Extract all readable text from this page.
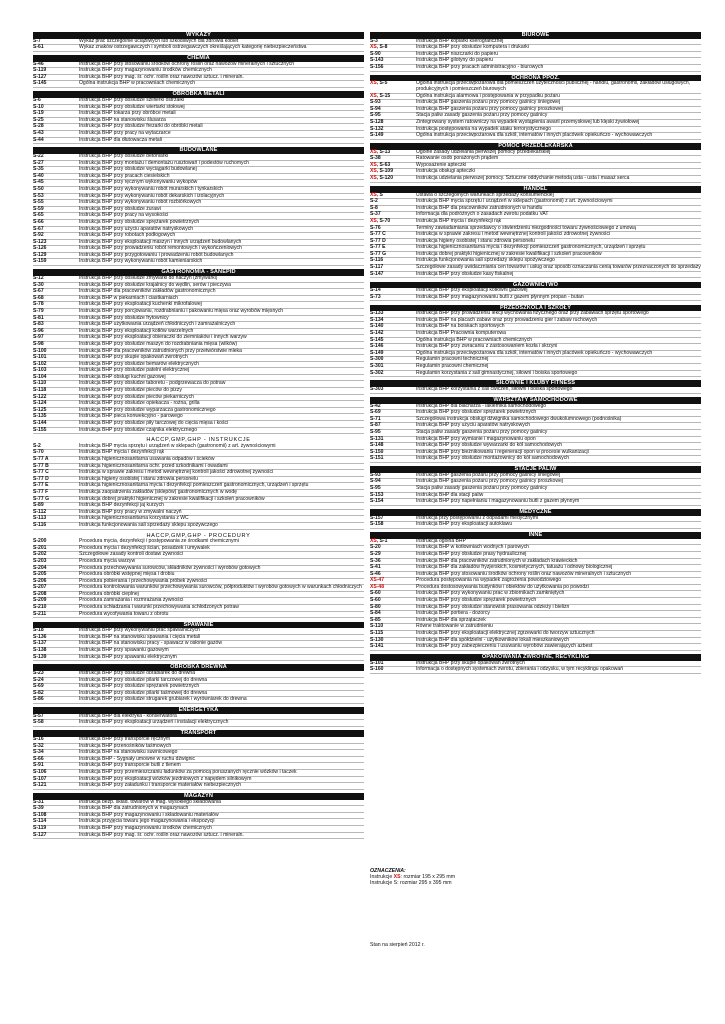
WYKAZY
S-7	Wykaz prac szczególnie uciążliwych lub szkodliwych dla zdrowia kobiet
S-61	Wykaz znaków ostrzegawczych i symboli ostrzegawczych określających kategorię niebezpieczeństwa
CHEMIA
S-46	Instrukcja BHP przy stosowaniu środków ochrony roślin oraz nawozów mineralnych i sztucznych
S-119	Instrukcja BHP przy magazynowaniu środków chemicznych
S-127	Instrukcja BHP przy mag. śr. ochr. roślin oraz nawozów sztucz. i mineraln.
S-145	Ogólna instrukcja BHP w pracowniach chemicznych
OBRÓBKA METALI
S-6	Instrukcja BHP przy obsłudze szlifierki ostrzałki
S-10	Instrukcja BHP przy obsłudze wiertarki stołowej
S-19	Instrukcja BHP tokarza przy obróbce metali
S-25	Instrukcja BHP na stanowisku ślusarza
S-28	Instrukcja BHP przy obsłudze frezarki do obróbki metali
S-43	Instrukcja BHP przy pracy na wytaczarce
S-44	Instrukcja BHP dla dłutowacza metali
BUDOWLANE
S-22	Instrukcja BHP przy obsłudze betoniarki
S-27	Instrukcja BHP przy montażu i demontażu rusztowań i podestów ruchomych
S-35	Instrukcja BHP przy obsłudze wyciągarki budowlanej
S-40	Instrukcja BHP przy pracach ciesielskich
S-45	Instrukcja BHP przy ręcznym wykonywaniu wykopów
S-50	Instrukcja BHP przy wykonywaniu robót murarskich i tynkarskich
S-53	Instrukcja BHP przy wykonywaniu robót dekarskich i izolacyjnych
S-55	Instrukcja BHP przy wykonywaniu robót rozbiórkowych
S-59	Instrukcja BHP przy obsłudze żurawi
S-65	Instrukcja BHP przy pracy na wysokości
S-66	Instrukcja BHP przy obsłudze sprężarek powietrznych
S-67	Instrukcja BHP przy użyciu aparatów natryskowych
S-92	Instrukcja BHP przy robotach podłogowych
S-123	Instrukcja BHP przy eksploatacji maszyn i innych urządzeń budowlanych
S-126	Instrukcja BHP przy prowadzeniu robót remontowych i wykończeniowych
S-129	Instrukcja BHP przy przygotowaniu i prowadzeniu robót budowlanych
S-159	Instrukcja BHP przy wykonywaniu robót kamieniarskich
GASTRONOMIA - SANEPID
S-12	Instrukcja BHP przy obsłudze zmywarki do naczyń (zmywarki)
S-30	Instrukcja BHP przy obsłudze krajalnicy do wędlin, serów i pieczywa
S-67	Instrukcja BHP dla pracowników zakładów gastronomicznych
S-68	Instrukcja BHP w piekarniach i ciastkarniach
S-78	Instrukcja BHP przy eksploatacji kuchenki mikrofalowej
S-79	Instrukcja BHP przy porcjowaniu, rozdrabnianiu i pakowaniu mięsa oraz wyrobów mięsnych
S-81	Instrukcja BHP przy obsłudze frytownicy
S-83	Instrukcja BHP użytkowania urządzeń chłodniczych i zamrażalniczych
S-96	Instrukcja BHP przy eksploatacji kotłów warzelnych
S-97	Instrukcja BHP przy eksploatacji obieraczki do ziemniaków i innych warzyw
S-98	Instrukcja BHP przy obsłudze maszyn do rozdrabniania mięsa (wilków)
S-100	Instrukcja BHP dla pracowników zatrudnionych przy przetwórstwie mleka
S-101	Instrukcja BHP przy skupie opakowań zwrotnych
S-102	Instrukcja BHP przy obsłudze bemarów elektrycznych
S-103	Instrukcja BHP przy obsłudze patelni elektrycznej
S-104	Instrukcja BHP obsługi kuchni gazowej
S-110	Instrukcja BHP przy obsłudze taboretu - podgrzewacza do potraw
S-118	Instrukcja BHP przy obsłudze pieców do pizzy
S-122	Instrukcja BHP przy obsłudze pieców piekarniczych
S-124	Instrukcja BHP przy obsłudze opiekacza - rożna, grilla
S-125	Instrukcja BHP przy obsłudze wyparzacza gastronomicznego
S-135	Instrukcja BHP pieca konwekcyjno - parowego
S-144	Instrukcja BHP przy obsłudze piły tarczowej do cięcia mięsa i kości
S-155	Instrukcja BHP przy obsłudze czajnika elektrycznego
HACCP,GMP,GHP - INSTRUKCJE
S-2	Instrukcja BHP mycia sprzętu i urządzeń w sklepach (gastronomii) z art. żywnościowymi
S-70	Instrukcja BHP mycia i dezynfekcji rąk
S-77 A	Instrukcja higienicznosanitarna usuwania odpadów i ścieków
S-77 B	Instrukcja higienicznosanitarna ochr. przed szkodnikami i owadami
S-77 C	Instrukcja w sprawie zakresu i metod wewnętrznej kontroli jakości zdrowotnej żywności
S-77 D	Instrukcja higieny osobistej i stanu zdrowia personelu
S-77 E	Instrukcja higienicznosanitarna mycia i dezynfekcji pomieszczeń gastronomicznych, urządzeń i sprzętu
S-77 F	Instrukcja zaopatrzenia zakładów (sklepów) gastronomicznych w wodę
S-77 G	Instrukcja dobrej praktyki higienicznej w zakresie kwalifikacji i szkoleń pracowników
S-89	Instrukcja BHP dezynfekcji jaj kurzych
S-112	Instrukcja BHP przy pracy w zmywalni naczyń
S-113	Instrukcja higienicznosanitarna korzystania z WC
S-116	Instrukcja funkcjonowania sali sprzedaży sklepu spożywczego
HACCP,GMP,GHP - PROCEDURY
S-200	Procedura mycia, dezynfekcji i postępowania ze środkami chemicznymi
S-201	Procedura mycia i dezynfekcji ścian, posadzek i umywalek
S-202	Szczegółowe zasady kontroli dostaw żywności
S-203	Procedura mycia warzyw
S-204	Procedura przechowywania surowców, składników żywności i wyrobów gotowych
S-205	Procedura obróbki wstępnej mięsa i drobiu
S-206	Procedura pobierania i przechowywania próbek żywności
S-207	Procedura kontrolowania warunków przechowywania surowców, półproduktów i wyrobów gotowych w warunkach chłodniczych
S-208	Procedura obróbki cieplnej
S-209	Procedura zamrażania i rozmrażania żywności
S-210	Procedura schładzania i warunki przechowywania schłodzonych potraw
S-211	Procedura wycofywania towaru z obrotu
SPAWANIE
S-18	Instrukcja BHP przy wykonywaniu prac spawalniczych
S-136	Instrukcja BHP na stanowisku spawania i cięcia metali
S-137	Instrukcja BHP na stanowisku pracy - spawacz w osłonie gazów
S-138	Instrukcja BHP przy spawaniu gazowym
S-139	Instrukcja BHP przy spawaniu elektrycznym
OBRÓBKA DREWNA
S-23	Instrukcja BHP przy obsłudze obrabiarek do drewna
S-24	Instrukcja BHP przy obsłudze pilarki tarczowej do drewna
S-69	Instrukcja BHP przy obsłudze sprężarek powietrznych
S-82	Instrukcja BHP przy obsłudze pilarki taśmowej do drewna
S-86	Instrukcja BHP przy obsłudze strugarek grubiarek i wyrówniarek do drewna
ENERGETYKA
S-57	Instrukcja BHP dla elektryka - konserwatora
S-58	Instrukcja BHP przy eksploatacji urządzeń i instalacji elektrycznych
TRANSPORT
S-16	Instrukcja BHP przy transporcie ręcznym
S-32	Instrukcja BHP przenośników taśmowych
S-34	Instrukcja BHP na stanowisku suwnicowego
S-66	Instrukcja BHP - Sygnały umowne w ruchu dźwignic
S-91	Instrukcja BHP przy transporcie butli z tlenem
S-106	Instrukcja BHP przy przemieszczaniu ładunków za pomocą poruszanych ręcznie wózków i taczek
S-107	Instrukcja BHP przy eksploatacji wózków jezdniowych z napędem silnikowym
S-121	Instrukcja BHP przy załadunku i transporcie materiałów niebezpiecznych
MAGAZYN
S-31	Instrukcja bezp. skład. towarów w mag. wysokiego składowania
S-39	Instrukcja BHP dla zatrudnionych w magazynach
S-108	Instrukcja BHP przy magazynowaniu i składowaniu materiałów
S-114	Instrukcja przyjęcia towaru jego magazynowania i ekspozycji
S-119	Instrukcja BHP przy magazynowaniu środków chemicznych
S-127	Instrukcja BHP przy mag. śr. ochr. roślin oraz nawozów sztucz. i mineraln.
BIUROWE
S-3	Instrukcja BHP kopiarki kserograficznej
XS, S-8	Instrukcja BHP przy obsłudze komputera i drukarki
S-90	Instrukcja BHP niszczarki do papieru
S-143	Instrukcja BHP gilotyny do papieru
S-156	Instrukcja BHP przy pracach administracyjno - biurowych
OCHRONA PPOŻ.
XS, S-5	Ogólna instrukcja przeciwpożarowa dla pomieszczeń użyteczności publicznej - handlu, gastronomii, zakładów usługowych, produkcyjnych i pomieszczeń biurowych
XS, S-15	Ogólna instrukcja alarmowa i postępowania w przypadku pożaru
S-93	Instrukcja BHP gaszenia pożaru przy pomocy gaśnicy śniegowej
S-94	Instrukcja BHP gaszenia pożaru przy pomocy gaśnicy proszkowej
S-95	Stacja paliw zasady gaszenia pożaru przy pomocy gaśnicy
S-128	Zintegrowany system ratowniczy na wypadek wystąpienia awarii przemysłowej lub klęski żywiołowej
S-132	Instrukcja postępowania na wypadek ataku terrorystycznego
S-149	Ogólna instrukcja przeciwpożarowa dla szkół, internatów i innych placówek opiekuńczo - wychowawczych
POMOC PRZEDLEKARSKA
XS, S-13	Ogólne zasady udzielania pierwszej pomocy przedlekarskiej
S-38	Ratowanie osób porażonych prądem
XS, S-63	Wyposażenie apteczki
XS, S-109	Instrukcja obsługi apteczki
XS, S-120	Instrukcja udzielania pierwszej pomocy. Sztuczne oddychanie metodą usta - usta i masaż serca
HANDEL
XS, S	Ustawa o szczególnych warunkach sprzedaży konsumenckiej
S-2	Instrukcja BHP mycia sprzętu i urządzeń w sklepach (gastronomii) z art. żywnościowymi
S-8	Instrukcja BHP dla pracowników zatrudnionych w handlu
S-37	Informacja dla podróżnych o zasadach zwrotu podatku VAT
XS, S-70	Instrukcja BHP mycia i dezynfekcji rąk
S-76	Terminy zawiadamiania sprzedawcy o stwierdzeniu niezgodności towaru żywnościowego z umową
S-77 C	Instrukcja w sprawie zakresu i metod wewnętrznej kontroli jakości zdrowotnej żywności
S-77 D	Instrukcja higieny osobistej i stanu zdrowia personelu
S-77 E	Instrukcja higienicznosanitarna mycia i dezynfekcji pomieszczeń gastronomicznych, urządzeń i sprzętu
S-77 G	Instrukcja dobrej praktyki higienicznej w zakresie kwalifikacji i szkoleń pracowników
S-116	Instrukcja funkcjonowania sali sprzedaży sklepu spożywczego
S-117	Szczegółowe zasady uwidaczniania cen towarów i usług oraz sposób oznaczania cenią towarów przeznaczonych do sprzedaży
S-147	Instrukcja BHP przy obsłudze kasy fiskalnej
GAZOWNICTWO
S-14	Instrukcja BHP przy eksploatacji kotłowni gazowej
S-73	Instrukcja BHP przy magazynowaniu butli z gazem płynnym propan - butan
PRZEDSZKOLA I SZKOŁY
S-133	Instrukcja BHP przy prowadzeniu lekcji wychowania fizycznego oraz przy zabawach sprzętu sportowego
S-134	Instrukcja BHP na placach zabaw oraz przy prowadzeniu gier i zabaw ruchowych
S-140	Instrukcja BHP na boiskach sportowych
S-142	Instrukcja BHP Pracownia komputerowa
S-145	Ogólna instrukcja BHP w pracowniach chemicznych
S-146	Instrukcja BHP przy zwracaniu z zastosowaniem kozła i skrzyni
S-149	Ogólna instrukcja przeciwpożarowa dla szkół, internatów i innych placówek opiekuńczo - wychowawczych
S-300	Regulamin pracowni technicznej
S-301	Regulamin pracowni chemicznej
S-302	Regulamin korzystania z sali gimnastycznej, siłowni i boiska sportowego
SIŁOWNIE I KLUBY FITNESS
S-303	Instrukcja BHP korzystania z sali ćwiczeń, siłowni i boiska sportowego
WARSZTATY SAMOCHODOWE
S-42	Instrukcja BHP dla blacharza - lakiernika samochodowego
S-69	Instrukcja BHP przy obsłudze sprężarek powietrznych
S-71	Szczegółowa instrukcja obsługi dźwignika samochodowego dwukolumnowego (podnośnika)
S-87	Instrukcja BHP przy użyciu aparatów natryskowych
S-95	Stacja paliw zasady gaszenia pożaru przy pomocy gaśnicy
S-131	Instrukcja BHP przy wymianie i magazynowaniu opon
S-148	Instrukcja BHP przy obsłudze wywarzarki do kół samochodowych
S-150	Instrukcja BHP przy bieżnikowaniu i regeneracji opon w procesie wulkanizacji
S-151	Instrukcja BHP przy obsłudze montażownicy do kół samochodowych
STACJE PALIW
S-93	Instrukcja BHP gaszenia pożaru przy pomocy gaśnicy śniegowej
S-94	Instrukcja BHP gaszenia pożaru przy pomocy gaśnicy proszkowej
S-95	Stacja paliw zasady gaszenia pożaru przy pomocy gaśnicy
S-153	Instrukcja BHP dla stacji paliw
S-154	Instrukcja BHP przy napełnianiu i magazynowaniu butli z gazem płynnym
MEDYCZNE
S-157	Instrukcja przy postępowaniu z odpadami medycznymi
S-158	Instrukcja BHP przy eksploatacji autoklawu
INNE
XS, S-1	Instrukcja ogólna BHP
S-20	Instrukcja BHP w kotłowniach wodnych i parowych
S-29	Instrukcja BHP przy obsłudze prasy hydraulicznej
S-36	Instrukcja BHP dla pracowników zatrudnionych w zakładach krawieckich
S-41	Instrukcja BHP dla zakładów fryzjerskich, kosmetycznych, tatuażu i odnowy biologicznej
S-46	Instrukcja BHP przy stosowaniu środków ochrony roślin oraz nawozów mineralnych i sztucznych
XS-47	Procedura postępowania na wypadek zagrożenia powodziowego
XS-48	Procedura dostosowywania budynków i obiektów do użytkowania po powodzi
S-60	Instrukcja BHP przy wykonywaniu prac w zbiornikach zamkniętych
S-60	Instrukcja BHP przy obsłudze sprężarek powietrznych
S-80	Instrukcja BHP przy obsłudze stanowisk prasowania odzieży i bielizn
S-84	Instrukcja BHP portiera - dozorcy
S-85	Instrukcja BHP dla sprzątaczek
S-110	Równe traktowanie w zatrudnieniu
S-115	Instrukcja BHP przy eksploatacji elektrycznej zgrzewarki do tworzyw sztucznych
S-130	Instrukcja BHP dla spółdzielni - użytkowników lokali mieszkaniowych
S-141	Instrukcja BHP przy zabezpieczeniu i usuwaniu wyrobów zawierających azbest
OPAKOWANIA ZWROTNE, RECYKLING
S-101	Instrukcja BHP przy skupie opakowań zwrotnych
S-160	Informacja o dostępnych systemach zwrotu, zbierania i odzysku, w tym recyklingu opakowań
OZNACZENIA:
Instrukcje XS: rozmiar 195 x 295 mm
Instrukcje S: rozmiar 295 x 395 mm
Stan na sierpień 2012 r.
